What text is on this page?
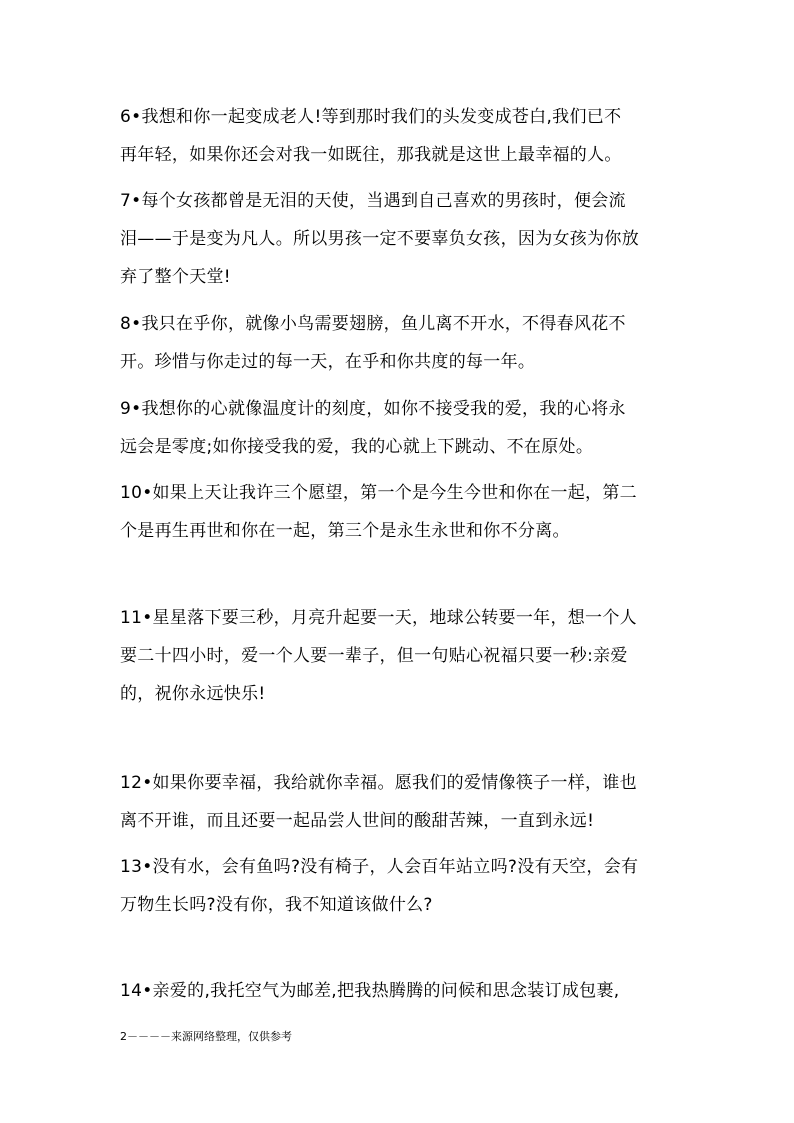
6•我想和你一起变成老人!等到那时我们的头发变成苍白,我们已不
再年轻，如果你还会对我一如既往，那我就是这世上最幸福的人。
7•每个女孩都曾是无泪的天使，当遇到自己喜欢的男孩时，便会流
泪——于是变为凡人。所以男孩一定不要辜负女孩，因为女孩为你放
弃了整个天堂!
8•我只在乎你，就像小鸟需要翅膀，鱼儿离不开水，不得春风花不
开。珍惜与你走过的每一天，在乎和你共度的每一年。
9•我想你的心就像温度计的刻度，如你不接受我的爱，我的心将永
远会是零度;如你接受我的爱，我的心就上下跳动、不在原处。
10•如果上天让我许三个愿望，第一个是今生今世和你在一起，第二
个是再生再世和你在一起，第三个是永生永世和你不分离。
11•星星落下要三秒，月亮升起要一天，地球公转要一年，想一个人
要二十四小时，爱一个人要一辈子，但一句贴心祝福只要一秒:亲爱
的，祝你永远快乐!
12•如果你要幸福，我给就你幸福。愿我们的爱情像筷子一样，谁也
离不开谁，而且还要一起品尝人世间的酸甜苦辣，一直到永远!
13•没有水，会有鱼吗?没有椅子，人会百年站立吗?没有天空，会有
万物生长吗?没有你，我不知道该做什么?
14•亲爱的,我托空气为邮差,把我热腾腾的问候和思念装订成包裹,
2－－－－来源网络整理，仅供参考
